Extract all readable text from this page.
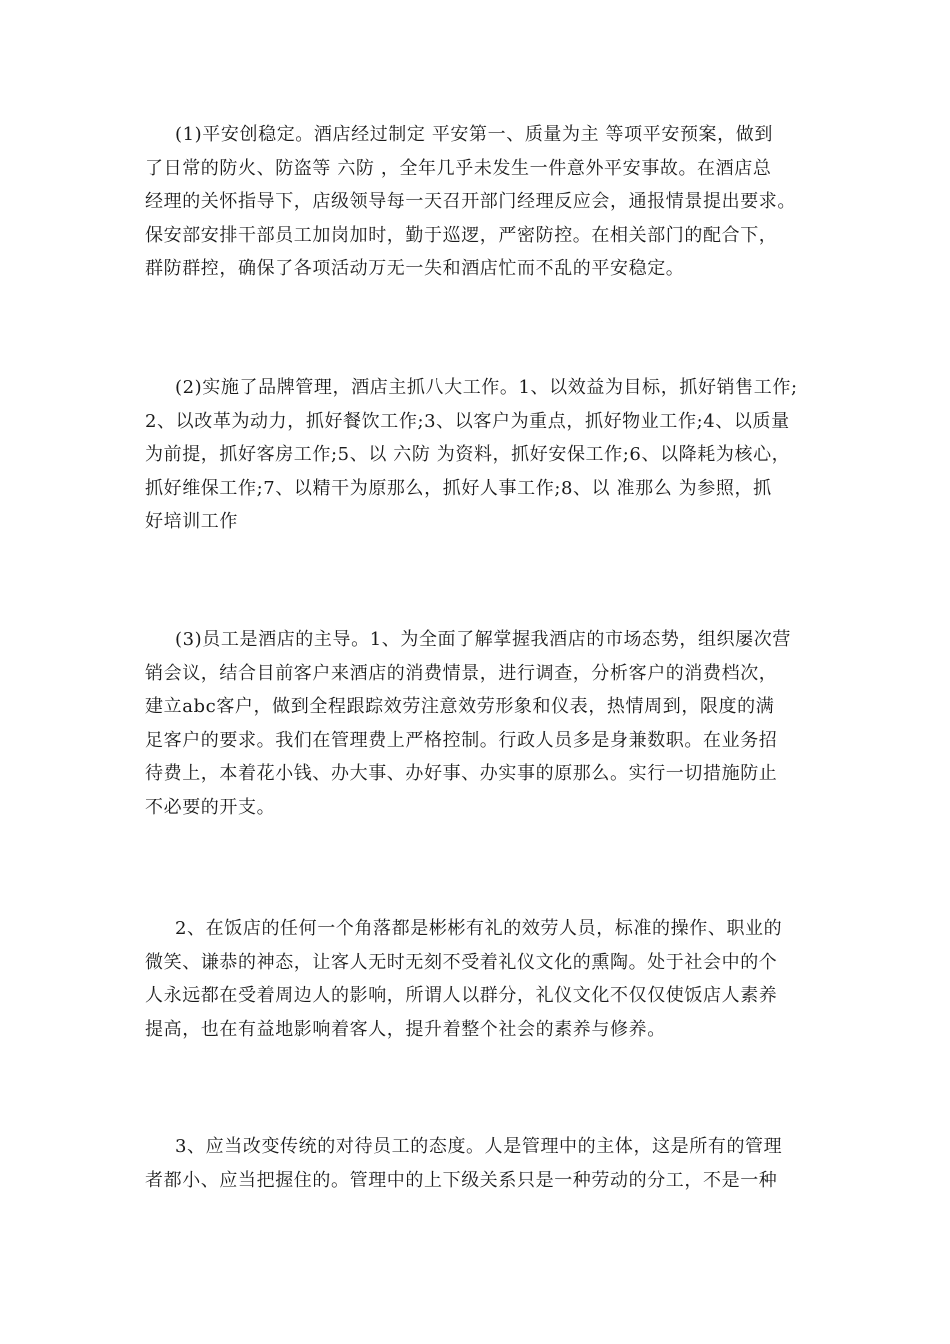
(1)平安创稳定。酒店经过制定 平安第一、质量为主 等项平安预案，做到
了日常的防火、防盗等 六防 ，全年几乎未发生一件意外平安事故。在酒店总
经理的关怀指导下，店级领导每一天召开部门经理反应会，通报情景提出要求。
保安部安排干部员工加岗加时，勤于巡逻，严密防控。在相关部门的配合下，
群防群控，确保了各项活动万无一失和酒店忙而不乱的平安稳定。
(2)实施了品牌管理，酒店主抓八大工作。1、以效益为目标，抓好销售工作;
2、以改革为动力，抓好餐饮工作;3、以客户为重点，抓好物业工作;4、以质量
为前提，抓好客房工作;5、以 六防 为资料，抓好安保工作;6、以降耗为核心，
抓好维保工作;7、以精干为原那么，抓好人事工作;8、以 准那么 为参照，抓
好培训工作
(3)员工是酒店的主导。1、为全面了解掌握我酒店的市场态势，组织屡次营
销会议，结合目前客户来酒店的消费情景，进行调查，分析客户的消费档次，
建立abc客户，做到全程跟踪效劳注意效劳形象和仪表，热情周到，限度的满
足客户的要求。我们在管理费上严格控制。行政人员多是身兼数职。在业务招
待费上，本着花小钱、办大事、办好事、办实事的原那么。实行一切措施防止
不必要的开支。
2、在饭店的任何一个角落都是彬彬有礼的效劳人员，标准的操作、职业的
微笑、谦恭的神态，让客人无时无刻不受着礼仪文化的熏陶。处于社会中的个
人永远都在受着周边人的影响，所谓人以群分，礼仪文化不仅仅使饭店人素养
提高，也在有益地影响着客人，提升着整个社会的素养与修养。
3、应当改变传统的对待员工的态度。人是管理中的主体，这是所有的管理
者都小、应当把握住的。管理中的上下级关系只是一种劳动的分工，不是一种
